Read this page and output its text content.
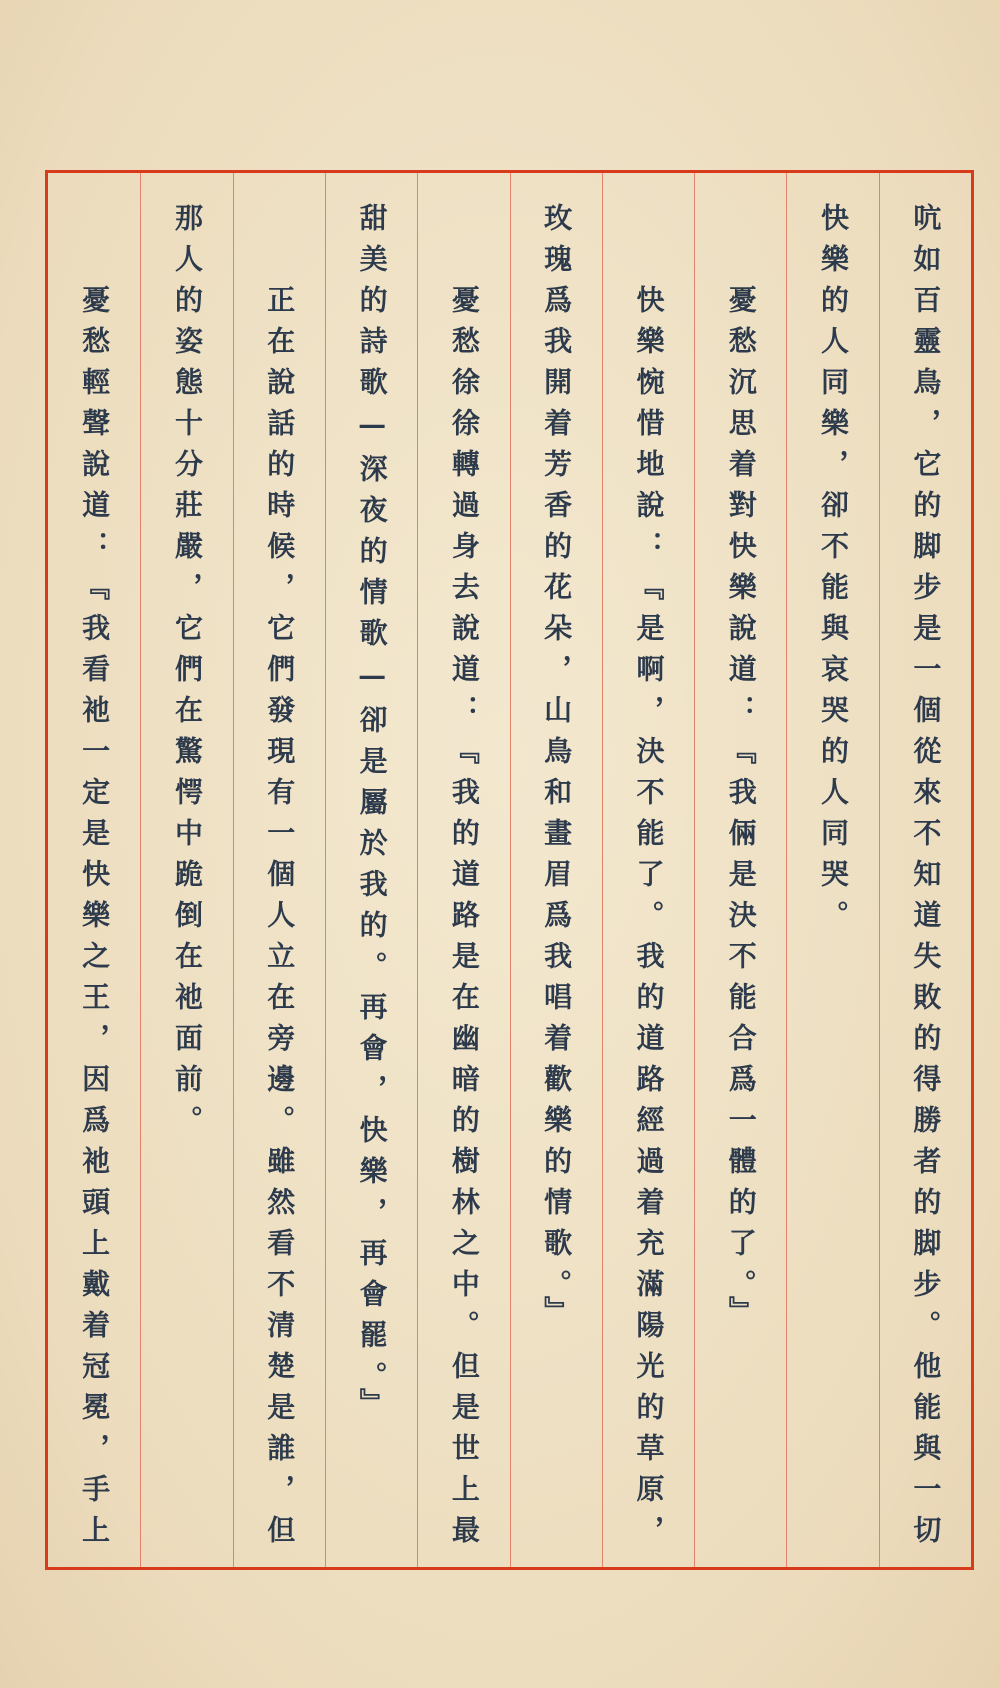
吭如百靈鳥，它的脚步是一個從來不知道失敗的得勝者的脚步。他能與一切
快樂的人同樂，卻不能與哀哭的人同哭。
憂愁沉思着對快樂說道：『我倆是決不能合爲一體的了。』
快樂惋惜地說：『是啊，決不能了。我的道路經過着充滿陽光的草原，
玫瑰爲我開着芳香的花朵，山鳥和畫眉爲我唱着歡樂的情歌。』
憂愁徐徐轉過身去說道：『我的道路是在幽暗的樹林之中。但是世上最
甜美的詩歌—深夜的情歌—卻是屬於我的。再會，快樂，再會罷。』
正在說話的時候，它們發現有一個人立在旁邊。雖然看不清楚是誰，但
那人的姿態十分莊嚴，它們在驚愕中跪倒在祂面前。
憂愁輕聲說道：『我看祂一定是快樂之王，因爲祂頭上戴着冠冕，手上
